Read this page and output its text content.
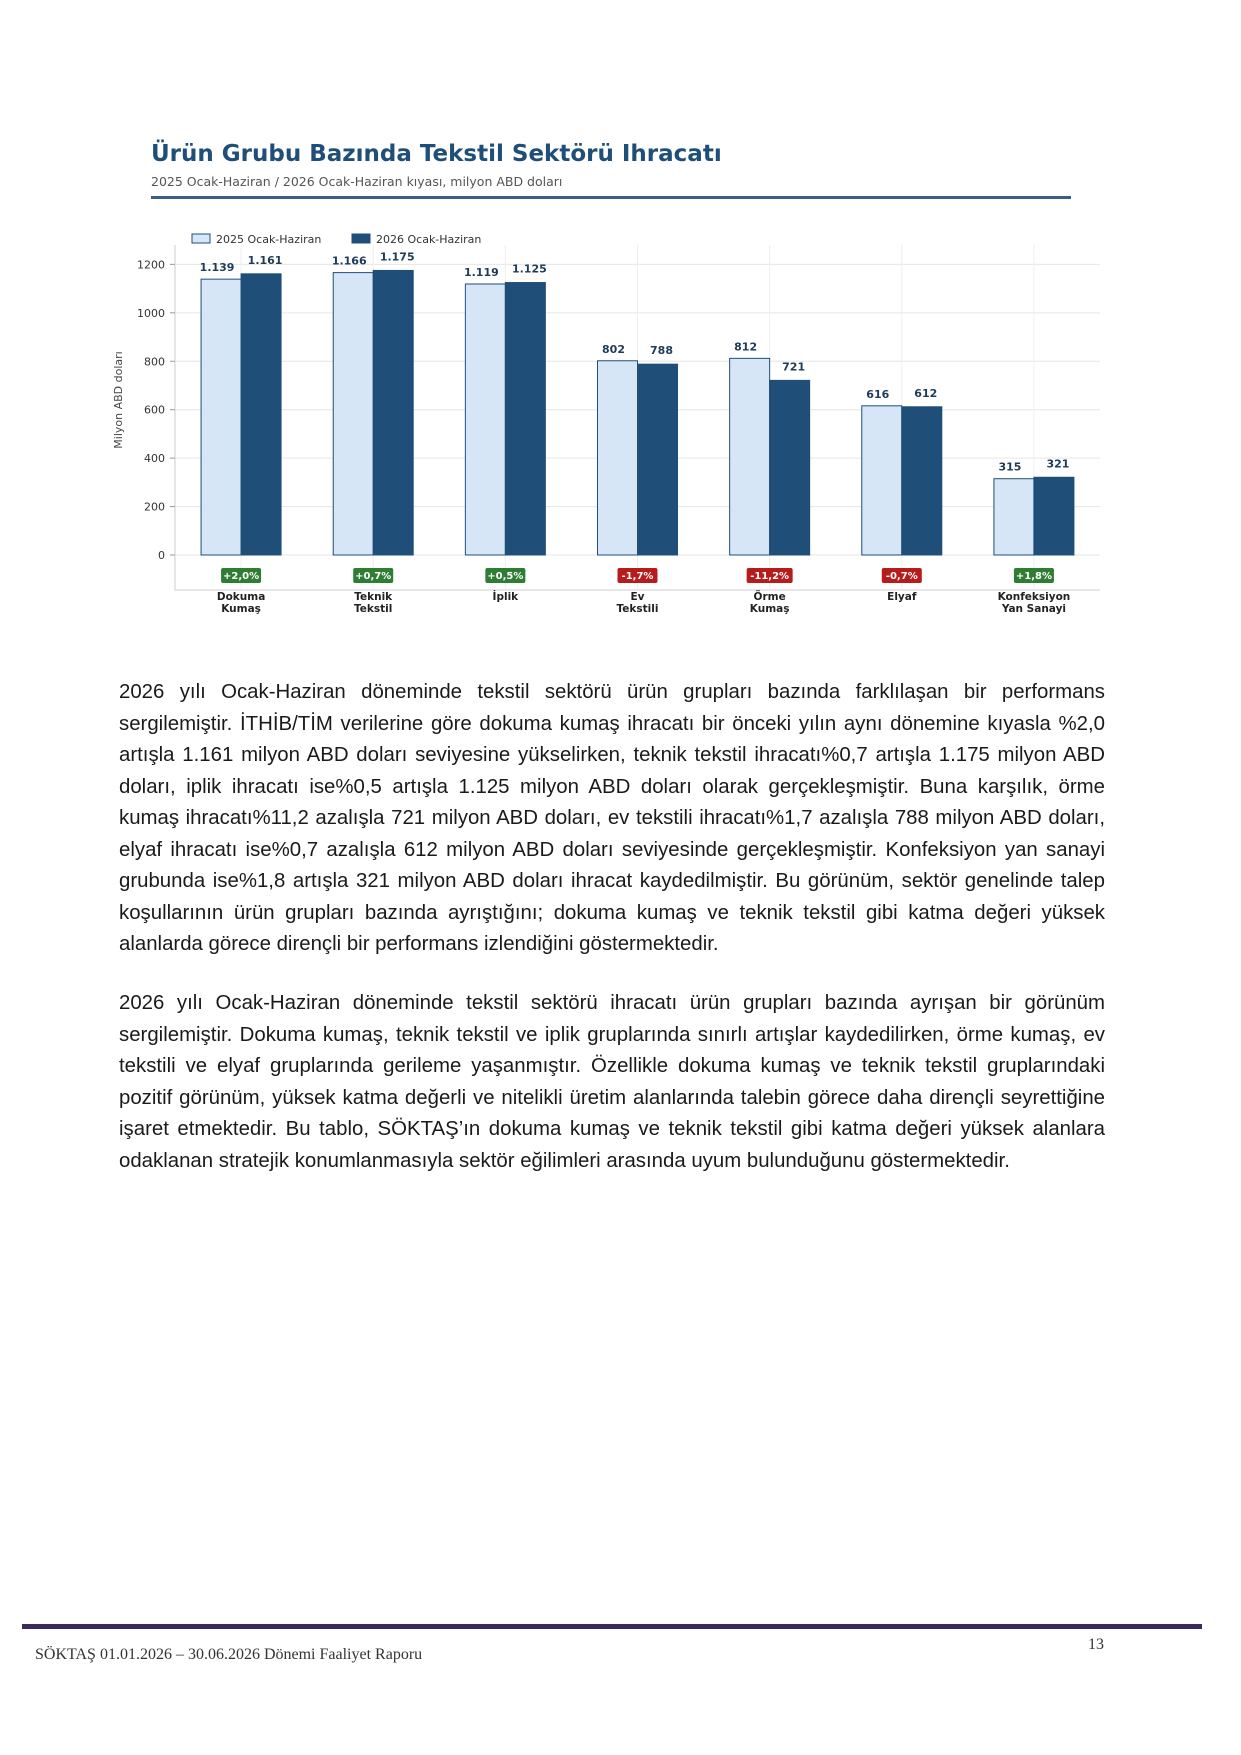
Ürün Grubu Bazında Tekstil Sektörü Ihracatı
2025 Ocak-Haziran / 2026 Ocak-Haziran kıyası, milyon ABD doları
0
200
400
600
800
1000
1200
Milyon ABD doları
1.139
1.161
+2,0%
Dokuma
Kumaş
1.166 1.175
+0,7%
Teknik
Tekstil
1.119 1.125
+0,5%
İplik
802 788
-1,7%
Ev
Tekstili
812
721
-11,2%
Örme
Kumaş
616 612
-0,7%
Elyaf
315 321
+1,8%
Konfeksiyon
Yan Sanayi
2025 Ocak-Haziran	2026 Ocak-Haziran

2026 yılı Ocak-Haziran döneminde tekstil sektörü ürün grupları bazında farklılaşan bir performans sergilemiştir. İTHİB/TİM verilerine göre dokuma kumaş ihracatı bir önceki yılın aynı dönemine kıyasla %2,0 artışla 1.161 milyon ABD doları seviyesine yükselirken, teknik tekstil ihracatı%0,7 artışla 1.175 milyon ABD doları, iplik ihracatı ise%0,5 artışla 1.125 milyon ABD doları olarak gerçekleşmiştir. Buna karşılık, örme kumaş ihracatı%11,2 azalışla 721 milyon ABD doları, ev tekstili ihracatı%1,7 azalışla 788 milyon ABD doları, elyaf ihracatı ise%0,7 azalışla 612 milyon ABD doları seviyesinde gerçekleşmiştir. Konfeksiyon yan sanayi grubunda ise%1,8 artışla 321 milyon ABD doları ihracat kaydedilmiştir. Bu görünüm, sektör genelinde talep koşullarının ürün grupları bazında ayrıştığını; dokuma kumaş ve teknik tekstil gibi katma değeri yüksek alanlarda görece dirençli bir performans izlendiğini göstermektedir.

2026 yılı Ocak-Haziran döneminde tekstil sektörü ihracatı ürün grupları bazında ayrışan bir görünüm sergilemiştir. Dokuma kumaş, teknik tekstil ve iplik gruplarında sınırlı artışlar kaydedilirken, örme kumaş, ev tekstili ve elyaf gruplarında gerileme yaşanmıştır. Özellikle dokuma kumaş ve teknik tekstil gruplarındaki pozitif görünüm, yüksek katma değerli ve nitelikli üretim alanlarında talebin görece daha dirençli seyrettiğine işaret etmektedir. Bu tablo, SÖKTAŞ’ın dokuma kumaş ve teknik tekstil gibi katma değeri yüksek alanlara odaklanan stratejik konumlanmasıyla sektör eğilimleri arasında uyum bulunduğunu göstermektedir.

SÖKTAŞ 01.01.2026 – 30.06.2026 Dönemi Faaliyet Raporu
13
